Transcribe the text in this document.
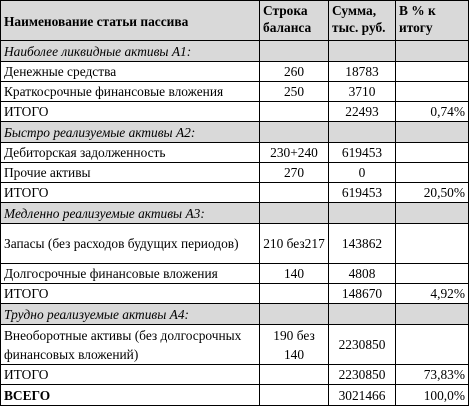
Наименование статьи пассива	Строка баланса	Сумма, тыс. руб.	В % к итогу
Наиболее ликвидные активы А1:			
Денежные средства	260	18783	
Краткосрочные финансовые вложения	250	3710	
ИТОГО		22493	0,74%
Быстро реализуемые активы А2:			
Дебиторская задолженность	230+240	619453	
Прочие активы	270	0	
ИТОГО		619453	20,50%
Медленно реализуемые активы А3:			
Запасы (без расходов будущих периодов)	210 без217	143862	
Долгосрочные финансовые вложения	140	4808	
ИТОГО		148670	4,92%
Трудно реализуемые активы А4:			
Внеоборотные активы (без долгосрочных финансовых вложений)	190 без 140	2230850	
ИТОГО		2230850	73,83%
ВСЕГО		3021466	100,0%
